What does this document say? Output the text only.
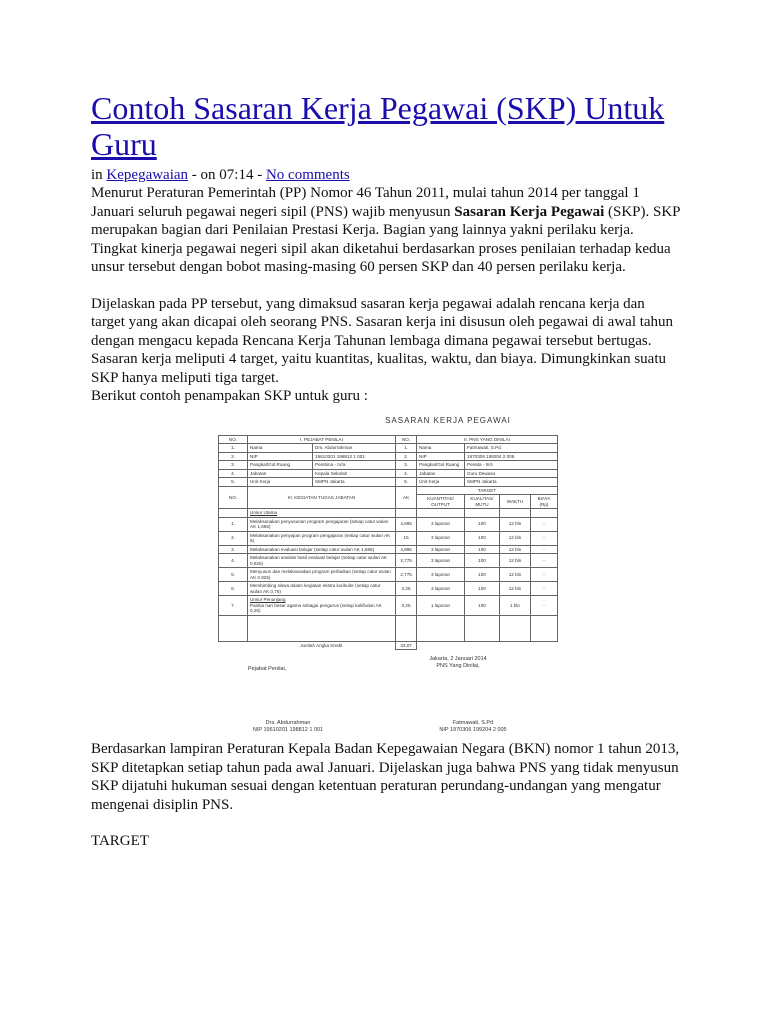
Contoh Sasaran Kerja Pegawai (SKP) Untuk Guru
in Kepegawaian - on 07:14 - No comments

Menurut Peraturan Pemerintah (PP) Nomor 46 Tahun 2011, mulai tahun 2014 per tanggal 1 Januari seluruh pegawai negeri sipil (PNS) wajib menyusun Sasaran Kerja Pegawai (SKP). SKP merupakan bagian dari Penilaian Prestasi Kerja. Bagian yang lainnya yakni perilaku kerja. Tingkat kinerja pegawai negeri sipil akan diketahui berdasarkan proses penilaian terhadap kedua unsur tersebut dengan bobot masing-masing 60 persen SKP dan 40 persen perilaku kerja.

Dijelaskan pada PP tersebut, yang dimaksud sasaran kerja pegawai adalah rencana kerja dan target yang akan dicapai oleh seorang PNS. Sasaran kerja ini disusun oleh pegawai di awal tahun dengan mengacu kepada Rencana Kerja Tahunan lembaga dimana pegawai tersebut bertugas. Sasaran kerja meliputi 4 target, yaitu kuantitas, kualitas, waktu, dan biaya. Dimungkinkan suatu SKP hanya meliputi tiga target.

Berikut contoh penampakan SKP untuk guru :

SASARAN KERJA PEGAWAI
NO.	I. PEJABAT PENILAI		NO.	II. PNS YANG DINILAI			
1.	Nama	Drs. Abdurrahman	1.	Nama	Fatmawati, S.Pd.		
2.	NIP	19610201 198812 1 001	2.	NIP	1970306 199204 2 005		
3.	Pangkat/Gol.Ruang	Pembina - IV/a	3.	Pangkat/Gol.Ruang	Penata - III/c		
4.	Jabatan	Kepala Sekolah	4.	Jabatan	Guru Dewasa		
5.	Unit Kerja	SMPN Jakarta	5.	Unit Kerja	SMPN Jakarta		
NO.	III. KEGIATAN TUGAS JABATAN		AK	TARGET			
				KUANTITAS/ OUTPUT	KUALITAS/ MUTU	WAKTU	BIAYA (Rp)
	Unsur Utama						
1.	Melaksanakan penyusunan program pengajaran (setiap catur wulan AK 1,665)		4,995	3 laporan	100	12 bln	-
2.	Melaksanakan penyajian program pengajaran (setiap catur wulan AK 5)		15	3 laporan	100	12 bln	-
3.	Melaksanakan evaluasi belajar (setiap catur wulan AK 1,665)		4,995	3 laporan	100	12 bln	-
4.	Melaksanakan analisis hasil evaluasi belajar (setiap catur wulan AK 0,925)		2,775	3 laporan	100	12 bln	-
5.	Menyusun dan melaksanakan program perbaikan (setiap catur wulan AK 0,925)		2,775	3 laporan	100	12 bln	-
6.	Membimbing siswa dalam kegiatan ekstra kurikuler (setiap catur wulan AK 0,76)		2,28	3 laporan	100	12 bln	-
7.	Unsur Penunjang
Panitia hari besar agama sebagai pengurus (setiap kali/bulan AK 0,25)		0,25	1 laporan	100	1 bln	-

	Jumlah Angka Kredit		33,07				
Pejabat Penilai,
Jakarta, 2 Januari 2014
PNS Yang Dinilai,
Drs. Abdurrahman
NIP 19610201 198812 1 001
Fatmawati, S.Pd
NIP 1970306 199204 2 005

Berdasarkan lampiran Peraturan Kepala Badan Kepegawaian Negara (BKN) nomor 1 tahun 2013, SKP ditetapkan setiap tahun pada awal Januari. Dijelaskan juga bahwa PNS yang tidak menyusun SKP dijatuhi hukuman sesuai dengan ketentuan peraturan perundang-undangan yang mengatur mengenai disiplin PNS.

TARGET
